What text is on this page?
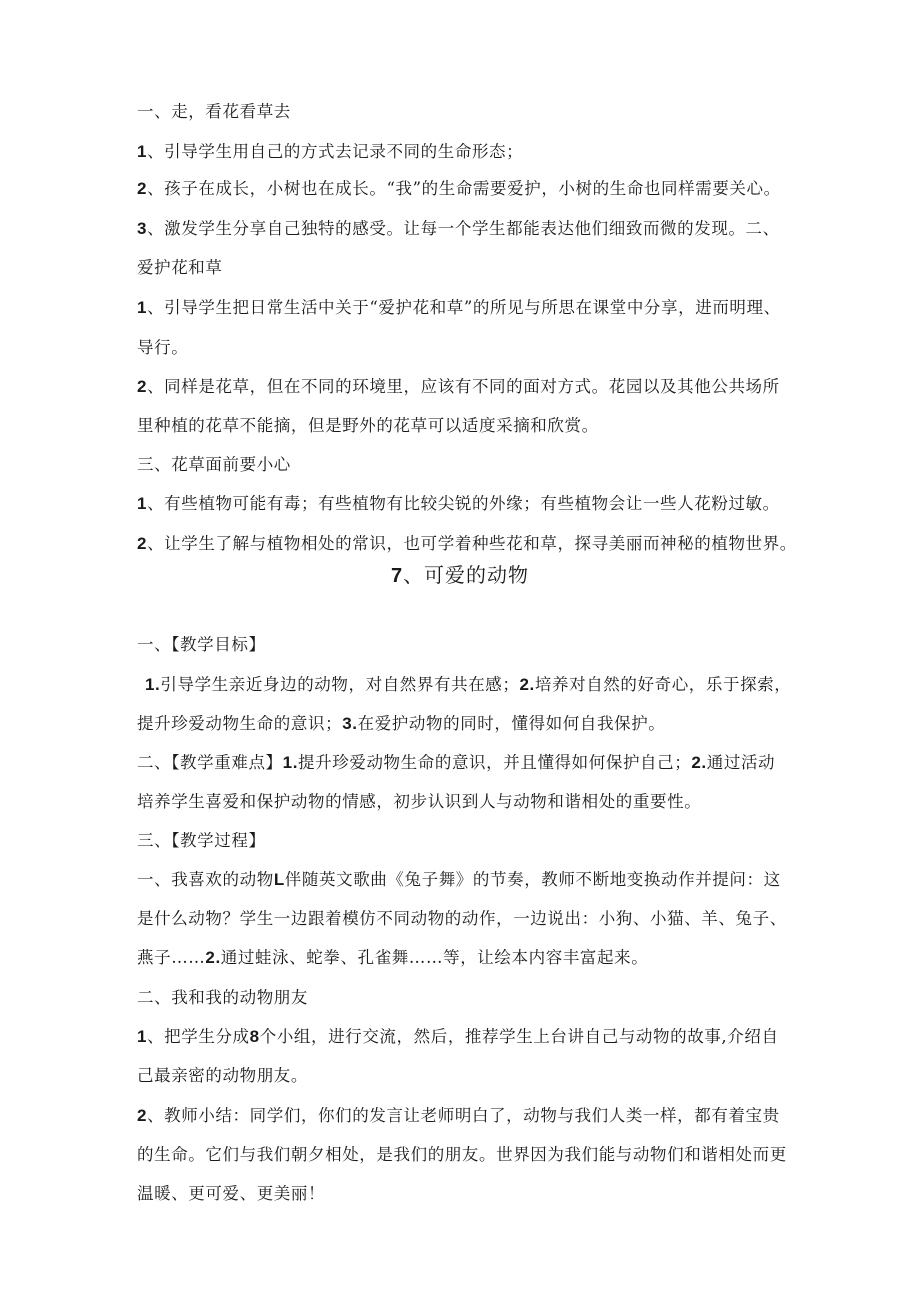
一、走，看花看草去
1、引导学生用自己的方式去记录不同的生命形态；
2、孩子在成长，小树也在成长。“我”的生命需要爱护，小树的生命也同样需要关心。
3、激发学生分享自己独特的感受。让每一个学生都能表达他们细致而微的发现。二、
爱护花和草
1、引导学生把日常生活中关于“爱护花和草”的所见与所思在课堂中分享，进而明理、
导行。
2、同样是花草，但在不同的环境里，应该有不同的面对方式。花园以及其他公共场所
里种植的花草不能摘，但是野外的花草可以适度采摘和欣赏。
三、花草面前要小心
1、有些植物可能有毒；有些植物有比较尖锐的外缘；有些植物会让一些人花粉过敏。
2、让学生了解与植物相处的常识，也可学着种些花和草，探寻美丽而神秘的植物世界。
7、可爱的动物
一、【教学目标】
1.引导学生亲近身边的动物，对自然界有共在感；2.培养对自然的好奇心，乐于探索，
提升珍爱动物生命的意识；3.在爱护动物的同时，懂得如何自我保护。
二、【教学重难点】1.提升珍爱动物生命的意识，并且懂得如何保护自己；2.通过活动
培养学生喜爱和保护动物的情感，初步认识到人与动物和谐相处的重要性。
三、【教学过程】
一、我喜欢的动物L伴随英文歌曲《兔子舞》的节奏，教师不断地变换动作并提问：这
是什么动物？学生一边跟着模仿不同动物的动作，一边说出：小狗、小猫、羊、兔子、
燕子……2.通过蛙泳、蛇拳、孔雀舞……等，让绘本内容丰富起来。
二、我和我的动物朋友
1、把学生分成8个小组，进行交流，然后，推荐学生上台讲自己与动物的故事,介绍自
己最亲密的动物朋友。
2、教师小结：同学们，你们的发言让老师明白了，动物与我们人类一样，都有着宝贵
的生命。它们与我们朝夕相处，是我们的朋友。世界因为我们能与动物们和谐相处而更
温暖、更可爱、更美丽！
